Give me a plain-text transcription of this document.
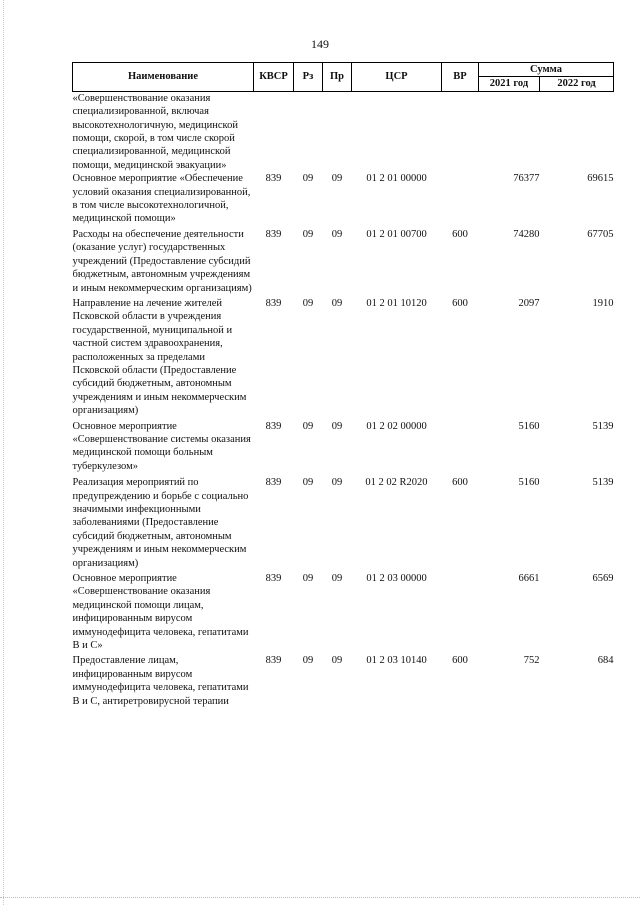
149
Наименование	КВСР	Рз	Пр	ЦСР	ВР	Сумма	
						2021 год	2022 год
«Совершенствование оказания специализированной, включая высокотехнологичную, медицинской помощи, скорой, в том числе скорой специализированной, медицинской помощи, медицинской эвакуации»							
Основное мероприятие «Обеспечение условий оказания специализированной, в том числе высокотехнологичной, медицинской помощи»	839	09	09	01 2 01 00000		76377	69615
Расходы на обеспечение деятельности (оказание услуг) государственных учреждений (Предоставление субсидий бюджетным, автономным учреждениям и иным некоммерческим организациям)	839	09	09	01 2 01 00700	600	74280	67705
Направление на лечение жителей Псковской области в учреждения государственной, муниципальной и частной систем здравоохранения, расположенных за пределами Псковской области (Предоставление субсидий бюджетным, автономным учреждениям и иным некоммерческим организациям)	839	09	09	01 2 01 10120	600	2097	1910
Основное мероприятие «Совершенствование системы оказания медицинской помощи больным туберкулезом»	839	09	09	01 2 02 00000		5160	5139
Реализация мероприятий по предупреждению и борьбе с социально значимыми инфекционными заболеваниями (Предоставление субсидий бюджетным, автономным учреждениям и иным некоммерческим организациям)	839	09	09	01 2 02 R2020	600	5160	5139
Основное мероприятие «Совершенствование оказания медицинской помощи лицам, инфицированным вирусом иммунодефицита человека, гепатитами B и C»	839	09	09	01 2 03 00000		6661	6569
Предоставление лицам, инфицированным вирусом иммунодефицита человека, гепатитами B и C, антиретровирусной терапии	839	09	09	01 2 03 10140	600	752	684
